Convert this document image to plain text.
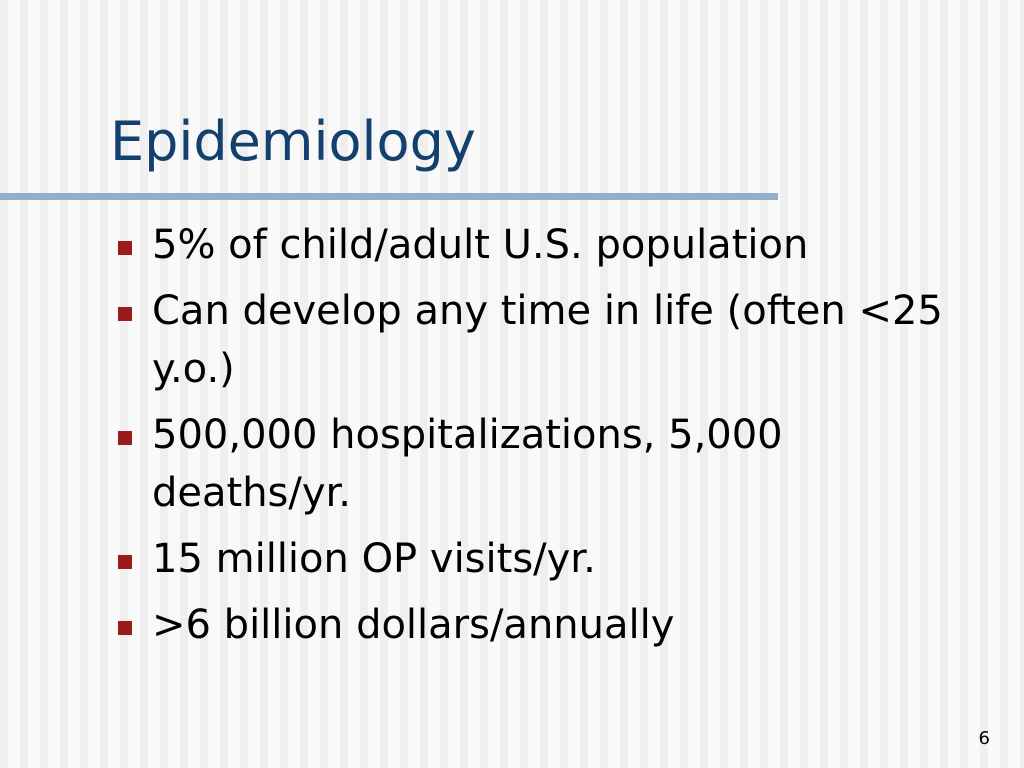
Epidemiology
5% of child/adult U.S. population
Can develop any time in life (often <25 y.o.)
500,000 hospitalizations, 5,000 deaths/yr.
15 million OP visits/yr.
>6 billion dollars/annually
6
